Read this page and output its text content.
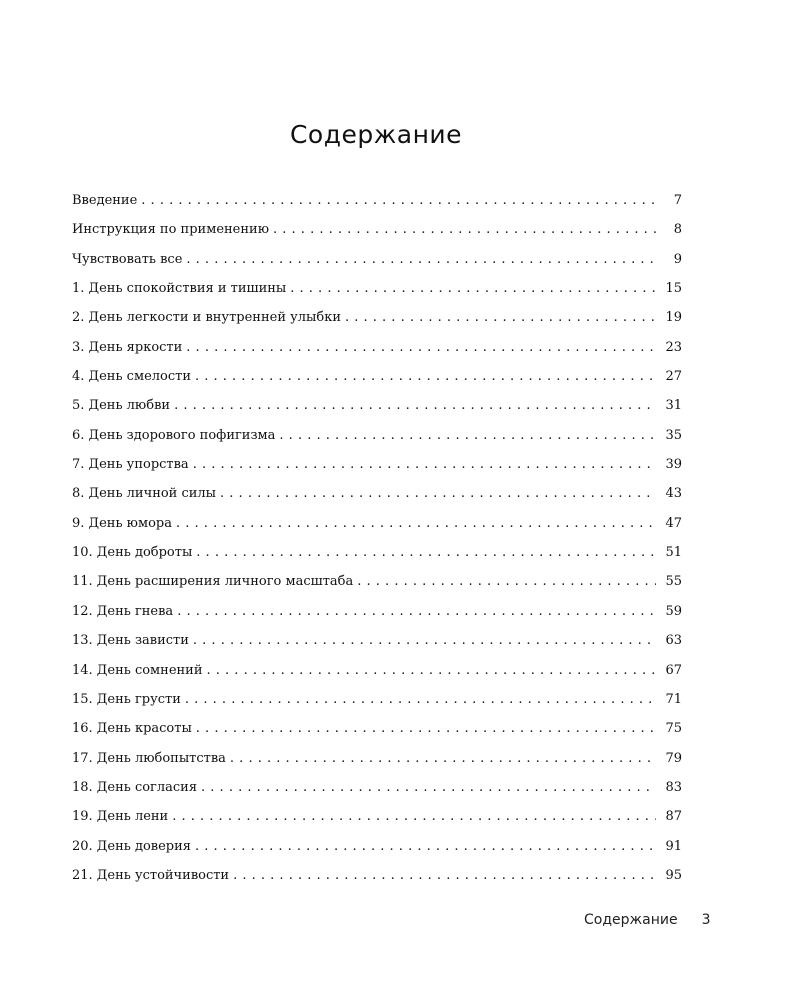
Содержание
Введение . . .	7
Инструкция по применению . . .	8
Чувствовать все . . .	9
1. День спокойствия и тишины . . .	15
2. День легкости и внутренней улыбки . . .	19
3. День яркости . . .	23
4. День смелости . . .	27
5. День любви . . .	31
6. День здорового пофигизма . . .	35
7. День упорства . . .	39
8. День личной силы . . .	43
9. День юмора . . .	47
10. День доброты . . .	51
11. День расширения личного масштаба . . .	55
12. День гнева . . .	59
13. День зависти . . .	63
14. День сомнений . . .	67
15. День грусти . . .	71
16. День красоты . . .	75
17. День любопытства . . .	79
18. День согласия . . .	83
19. День лени . . .	87
20. День доверия . . .	91
21. День устойчивости . . .	95
Содержание 3
